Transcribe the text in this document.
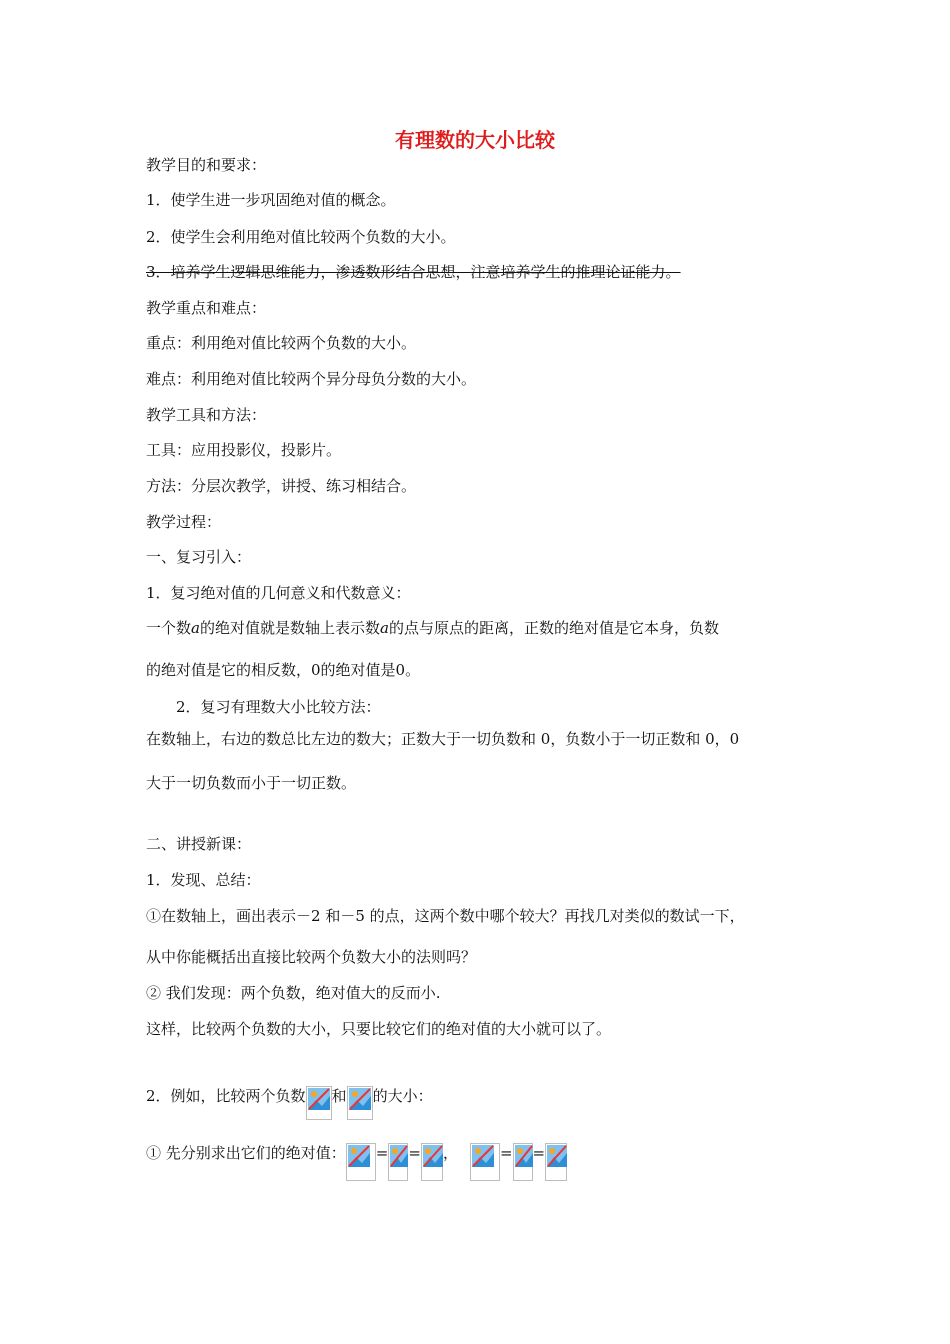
有理数的大小比较
教学目的和要求：
1．使学生进一步巩固绝对值的概念。
2．使学生会利用绝对值比较两个负数的大小。
3．培养学生逻辑思维能力，渗透数形结合思想，注意培养学生的推理论证能力。
教学重点和难点：
重点：利用绝对值比较两个负数的大小。
难点：利用绝对值比较两个异分母负分数的大小。
教学工具和方法：
工具：应用投影仪，投影片。
方法：分层次教学，讲授、练习相结合。
教学过程：
一、复习引入：
1．复习绝对值的几何意义和代数意义：
一个数a的绝对值就是数轴上表示数a的点与原点的距离，正数的绝对值是它本身，负数
的绝对值是它的相反数，0的绝对值是0。
2．复习有理数大小比较方法：
在数轴上，右边的数总比左边的数大；正数大于一切负数和 0，负数小于一切正数和 0，0
大于一切负数而小于一切正数。
二、讲授新课：
1．发现、总结：
①在数轴上，画出表示－2 和－5 的点，这两个数中哪个较大？再找几对类似的数试一下，
从中你能概括出直接比较两个负数大小的法则吗？
② 我们发现：两个负数，绝对值大的反而小.
这样，比较两个负数的大小，只要比较它们的绝对值的大小就可以了。
2．例如，比较两个负数 和 的大小：
① 先分别求出它们的绝对值： = = ，	= =
